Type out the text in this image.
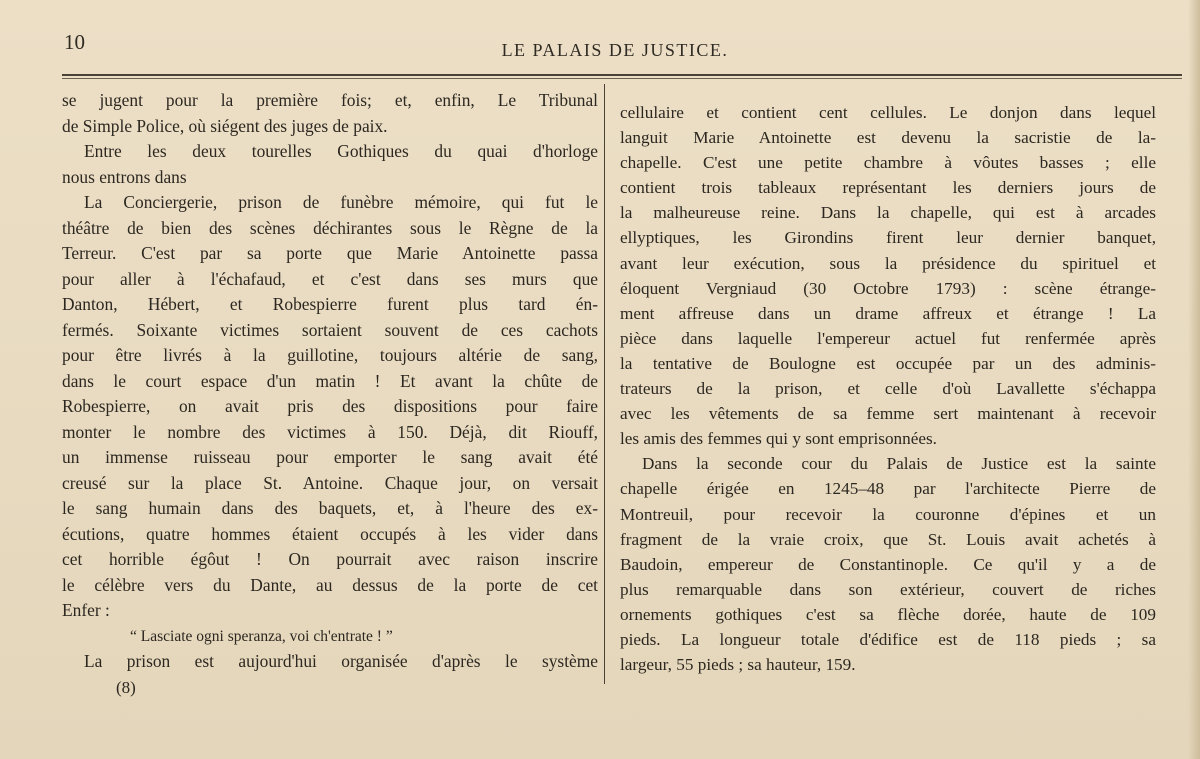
10	LE PALAIS DE JUSTICE.
se jugent pour la première fois; et, enfin, Le Tribunal
de Simple Police, où siégent des juges de paix.
Entre les deux tourelles Gothiques du quai d'horloge
nous entrons dans
La Conciergerie, prison de funèbre mémoire, qui fut le
théâtre de bien des scènes déchirantes sous le Règne de la
Terreur. C'est par sa porte que Marie Antoinette passa
pour aller à l'échafaud, et c'est dans ses murs que
Danton, Hébert, et Robespierre furent plus tard én-
fermés. Soixante victimes sortaient souvent de ces cachots
pour être livrés à la guillotine, toujours altérie de sang,
dans le court espace d'un matin ! Et avant la chûte de
Robespierre, on avait pris des dispositions pour faire
monter le nombre des victimes à 150. Déjà, dit Riouff,
un immense ruisseau pour emporter le sang avait été
creusé sur la place St. Antoine. Chaque jour, on versait
le sang humain dans des baquets, et, à l'heure des ex-
écutions, quatre hommes étaient occupés à les vider dans
cet horrible égôut ! On pourrait avec raison inscrire
le célèbre vers du Dante, au dessus de la porte de cet
Enfer :
“ Lasciate ogni speranza, voi ch'entrate ! ”
La prison est aujourd'hui organisée d'après le système
(8)
cellulaire et contient cent cellules. Le donjon dans lequel
languit Marie Antoinette est devenu la sacristie de la-
chapelle. C'est une petite chambre à vôutes basses ; elle
contient trois tableaux représentant les derniers jours de
la malheureuse reine. Dans la chapelle, qui est à arcades
ellyptiques, les Girondins firent leur dernier banquet,
avant leur exécution, sous la présidence du spirituel et
éloquent Vergniaud (30 Octobre 1793) : scène étrange-
ment affreuse dans un drame affreux et étrange ! La
pièce dans laquelle l'empereur actuel fut renfermée après
la tentative de Boulogne est occupée par un des adminis-
trateurs de la prison, et celle d'où Lavallette s'échappa
avec les vêtements de sa femme sert maintenant à recevoir
les amis des femmes qui y sont emprisonnées.
Dans la seconde cour du Palais de Justice est la sainte
chapelle érigée en 1245–48 par l'architecte Pierre de
Montreuil, pour recevoir la couronne d'épines et un
fragment de la vraie croix, que St. Louis avait achetés à
Baudoin, empereur de Constantinople. Ce qu'il y a de
plus remarquable dans son extérieur, couvert de riches
ornements gothiques c'est sa flèche dorée, haute de 109
pieds. La longueur totale d'édifice est de 118 pieds ; sa
largeur, 55 pieds ; sa hauteur, 159.
